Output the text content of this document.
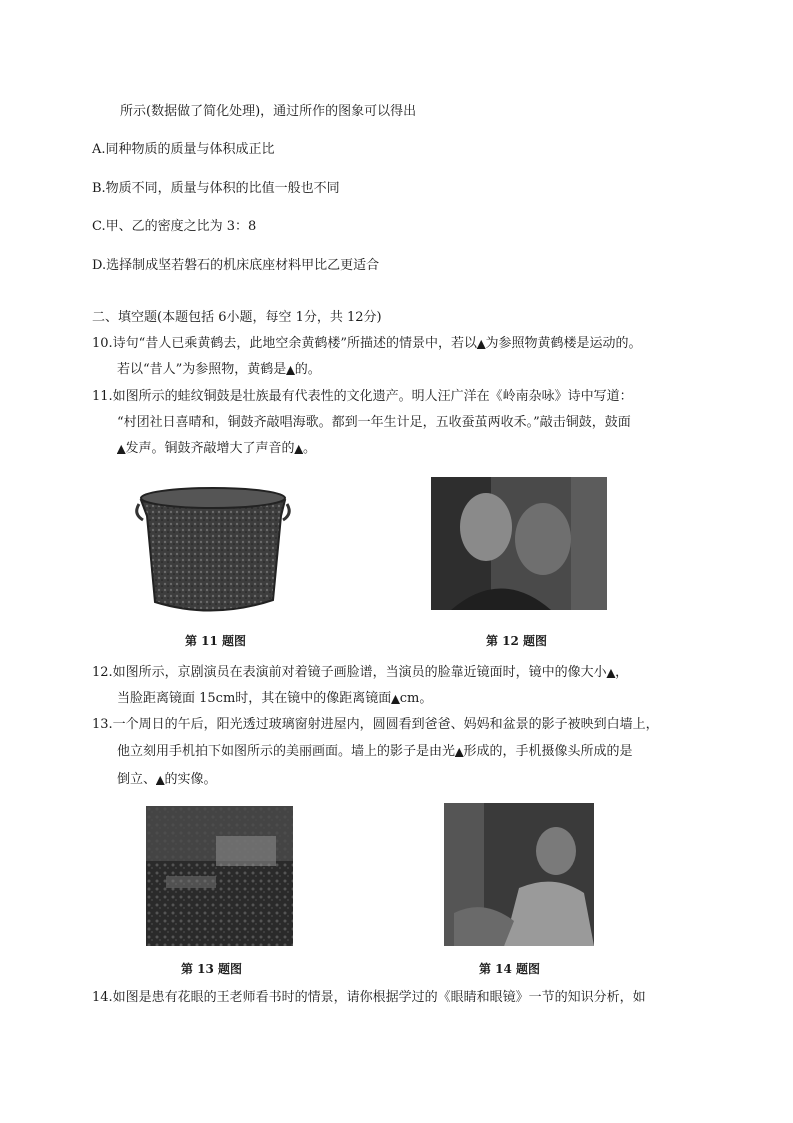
所示(数据做了简化处理)，通过所作的图象可以得出
A.同种物质的质量与体积成正比
B.物质不同，质量与体积的比值一般也不同
C.甲、乙的密度之比为 3：8
D.选择制成坚若磐石的机床底座材料甲比乙更适合
二、填空题(本题包括 6小题，每空 1分，共 12分)
10.诗句“昔人已乘黄鹤去，此地空余黄鹤楼”所描述的情景中，若以▲为参照物黄鹤楼是运动的。
若以“昔人”为参照物，黄鹤是▲的。
11.如图所示的蛙纹铜鼓是壮族最有代表性的文化遗产。明人汪广洋在《岭南杂咏》诗中写道：
“村团社日喜晴和，铜鼓齐敲唱海歌。都到一年生计足，五收蚕茧两收禾。”敲击铜鼓，鼓面
▲发声。铜鼓齐敲增大了声音的▲。
第 11 题图	第 12 题图
12.如图所示，京剧演员在表演前对着镜子画脸谱，当演员的脸靠近镜面时，镜中的像大小▲，
当脸距离镜面 15cm时，其在镜中的像距离镜面▲cm。
13.一个周日的午后，阳光透过玻璃窗射进屋内，圆圆看到爸爸、妈妈和盆景的影子被映到白墙上，
他立刻用手机拍下如图所示的美丽画面。墙上的影子是由光▲形成的，手机摄像头所成的是
倒立、▲的实像。
第 13 题图	第 14 题图
14.如图是患有花眼的王老师看书时的情景，请你根据学过的《眼睛和眼镜》一节的知识分析，如
